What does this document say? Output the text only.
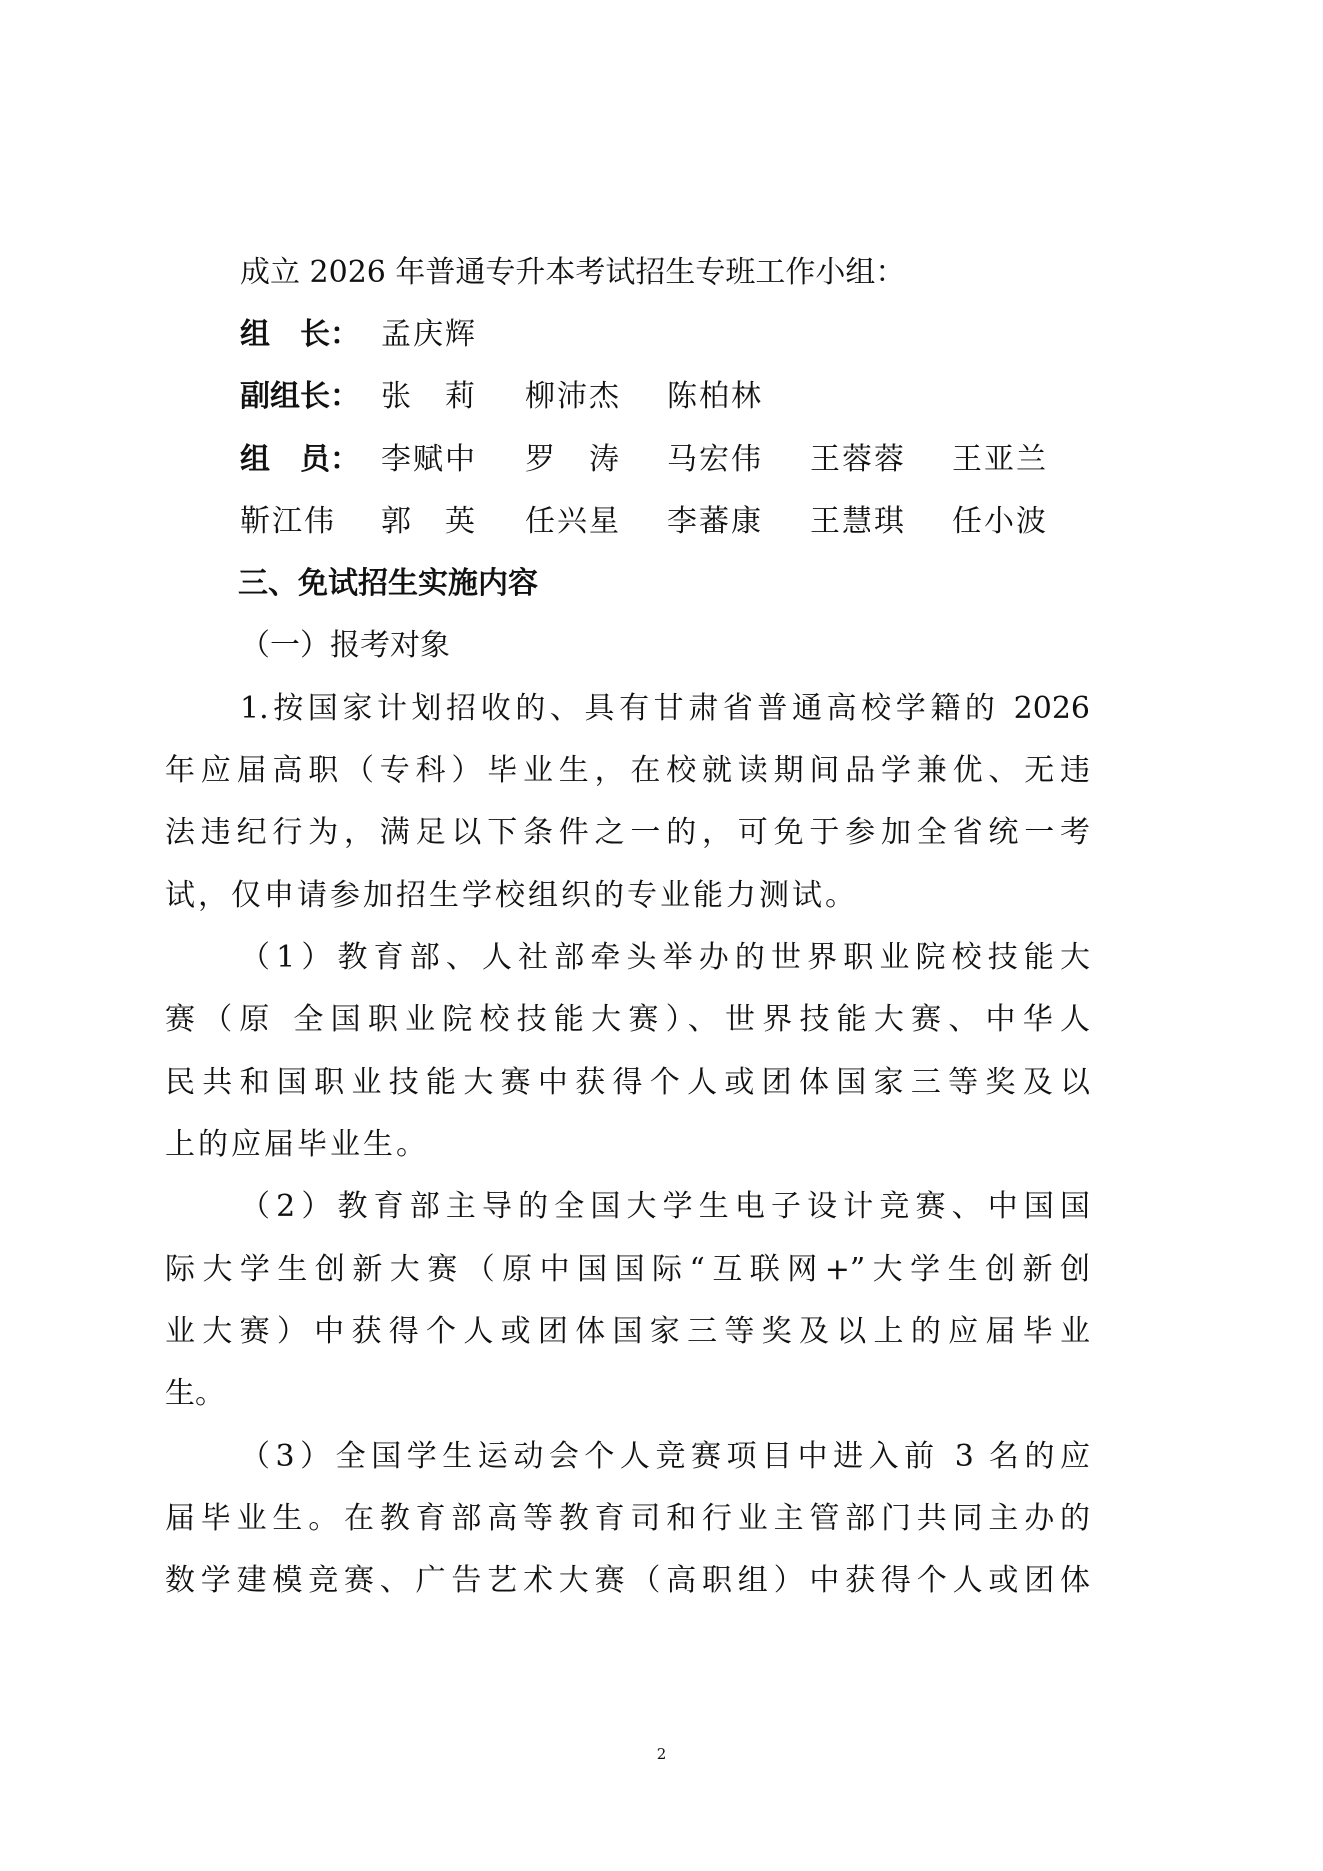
成立 2026 年普通专升本考试招生专班工作小组：
组　长： 孟庆辉
副组长： 张　莉 柳沛杰 陈柏林
组　员： 李赋中 罗　涛 马宏伟 王蓉蓉 王亚兰
靳江伟 郭　英 任兴星 李蕃康 王慧琪 任小波
三、免试招生实施内容
（一）报考对象
1.按国家计划招收的、具有甘肃省普通高校学籍的 2026
年应届高职（专科）毕业生，在校就读期间品学兼优、无违
法违纪行为，满足以下条件之一的，可免于参加全省统一考
试，仅申请参加招生学校组织的专业能力测试。
（1）教育部、人社部牵头举办的世界职业院校技能大
赛（原 全国职业院校技能大赛）、世界技能大赛、中华人
民共和国职业技能大赛中获得个人或团体国家三等奖及以
上的应届毕业生。
（2）教育部主导的全国大学生电子设计竞赛、中国国
际大学生创新大赛（原中国国际“互联网+”大学生创新创
业大赛）中获得个人或团体国家三等奖及以上的应届毕业
生。
（3）全国学生运动会个人竞赛项目中进入前 3 名的应
届毕业生。在教育部高等教育司和行业主管部门共同主办的
数学建模竞赛、广告艺术大赛（高职组）中获得个人或团体
2
